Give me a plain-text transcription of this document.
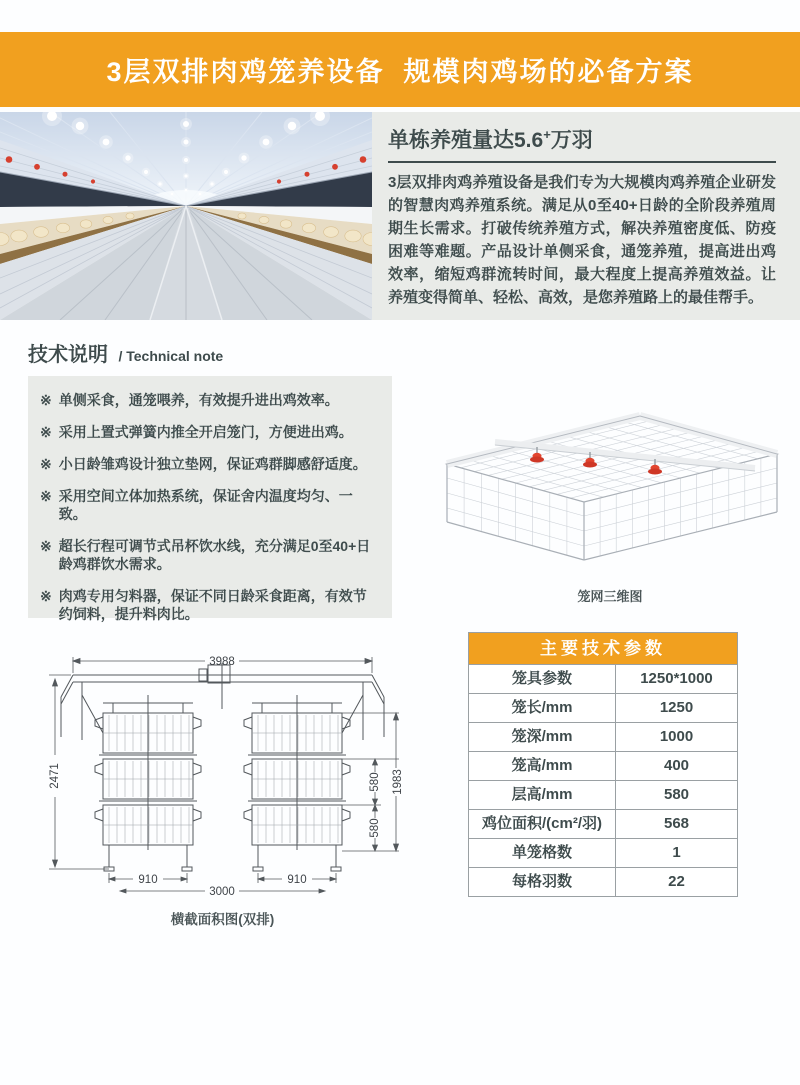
3层双排肉鸡笼养设备  规模肉鸡场的必备方案
单栋养殖量达5.6+万羽

3层双排肉鸡养殖设备是我们专为大规模肉鸡养殖企业研发的智慧肉鸡养殖系统。满足从0至40+日龄的全阶段养殖周期生长需求。打破传统养殖方式，解决养殖密度低、防疫困难等难题。产品设计单侧采食，通笼养殖，提高进出鸡效率，缩短鸡群流转时间，最大程度上提高养殖效益。让养殖变得简单、轻松、高效，是您养殖路上的最佳帮手。

技术说明 / Technical note
※ 单侧采食，通笼喂养，有效提升进出鸡效率。
※ 采用上置式弹簧内推全开启笼门，方便进出鸡。
※ 小日龄雏鸡设计独立垫网，保证鸡群脚感舒适度。
※ 采用空间立体加热系统，保证舍内温度均匀、一致。
※ 超长行程可调节式吊杯饮水线，充分满足0至40+日龄鸡群饮水需求。
※ 肉鸡专用匀料器，保证不同日龄采食距离，有效节约饲料，提升料肉比。
笼网三维图
主要技术参数
笼具参数	1250*1000
笼长/mm	1250
笼深/mm	1000
笼高/mm	400
层高/mm	580
鸡位面积/(cm²/羽)	568
单笼格数	1
每格羽数	22
3988
2471	580
580
1983
910	910
3000
横截面积图(双排)
